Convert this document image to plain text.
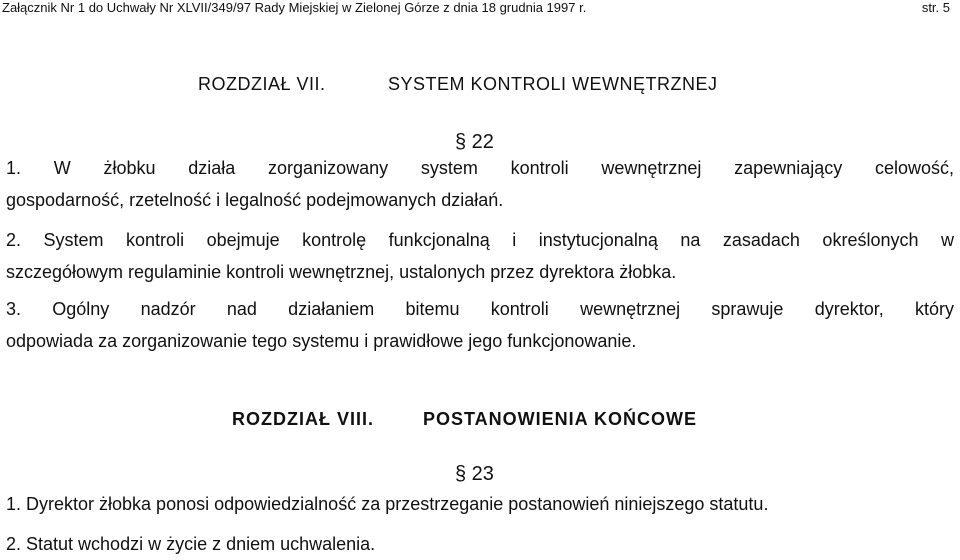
Załącznik Nr 1 do Uchwały Nr XLVII/349/97 Rady Miejskiej w Zielonej Górze z dnia 18 grudnia 1997 r.	str. 5
ROZDZIAŁ VII.	SYSTEM KONTROLI WEWNĘTRZNEJ
§ 22
1. W żłobku działa zorganizowany system kontroli wewnętrznej zapewniający celowość,
gospodarność, rzetelność i legalność podejmowanych działań.
2. System kontroli obejmuje kontrolę funkcjonalną i instytucjonalną na zasadach określonych w
szczegółowym regulaminie kontroli wewnętrznej, ustalonych przez dyrektora żłobka.
3. Ogólny nadzór nad działaniem bitemu kontroli wewnętrznej sprawuje dyrektor, który
odpowiada za zorganizowanie tego systemu i prawidłowe jego funkcjonowanie.
ROZDZIAŁ VIII.	POSTANOWIENIA KOŃCOWE
§ 23
1. Dyrektor żłobka ponosi odpowiedzialność za przestrzeganie postanowień niniejszego statutu.
2. Statut wchodzi w życie z dniem uchwalenia.
